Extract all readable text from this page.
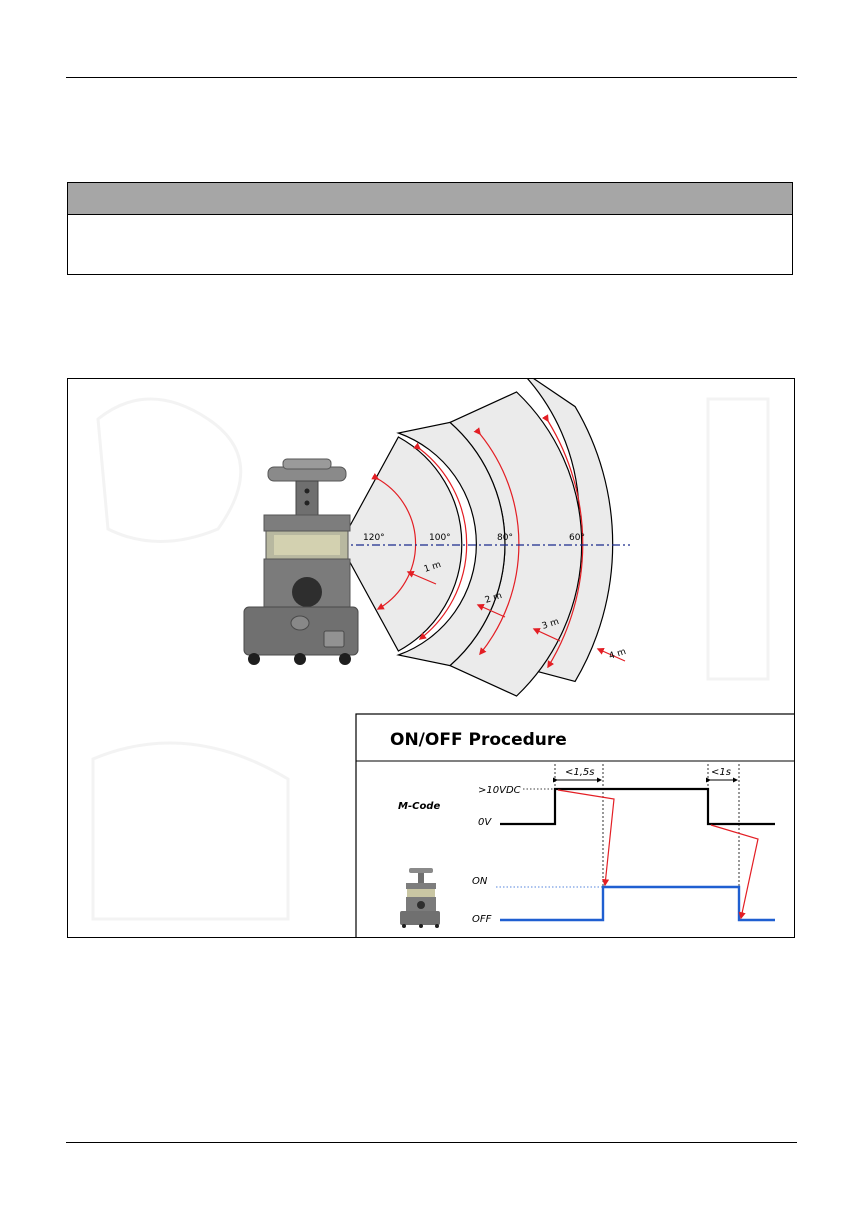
120°	100°	80°	60°
1 m
2 m
3 m
4 m
ON/OFF Procedure
M-Code
>10VDC
0V
<1,5s	<1s
ON
OFF
